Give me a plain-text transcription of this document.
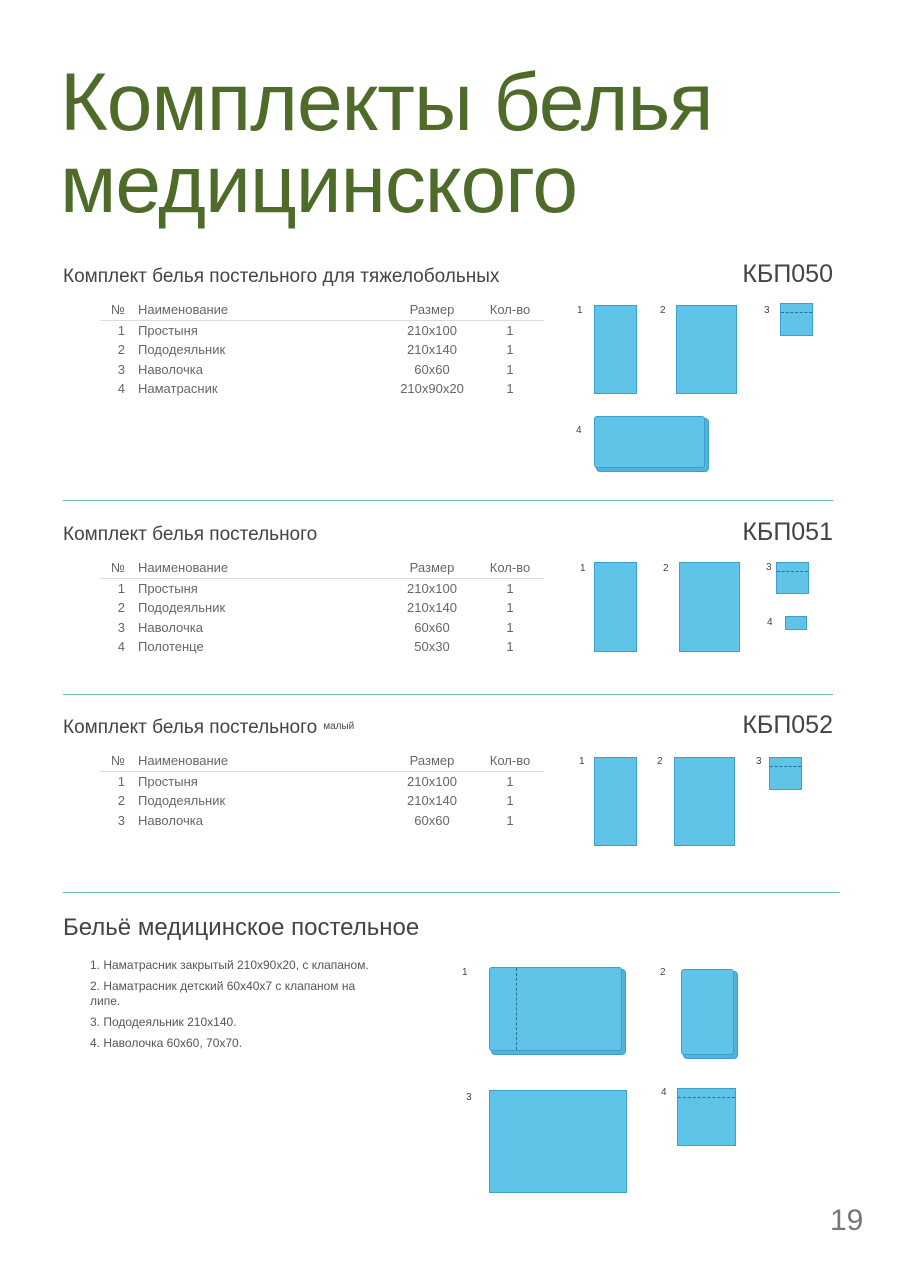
Комплекты белья
медицинского
Бельё медицинское постельное
1. Наматрасник закрытый 210x90x20, с клапаном.
2. Наматрасник детский 60x40x7 с клапаном на липе.
3. Пододеяльник 210x140.
4. Наволочка 60x60, 70x70.
19
Комплект белья постельного для тяжелобольных	КБП050
№ Наименование	Размер	Кол-во
1 Простыня	210x100	1
2 Пододеяльник	210x140	1
3 Наволочка	60x60	1
4 Наматрасник	210x90x20	1
1	2	3
4
Комплект белья постельного	КБП051
№ Наименование	Размер	Кол-во
1 Простыня	210x100	1
2 Пододеяльник	210x140	1
3 Наволочка	60x60	1
4 Полотенце	50x30	1
1	2	3
4
Комплект белья постельного $^{малый}$	КБП052
№ Наименование	Размер	Кол-во
1 Простыня	210x100	1
2 Пододеяльник	210x140	1
3 Наволочка	60x60	1
1	2	3
1	2
3	4
